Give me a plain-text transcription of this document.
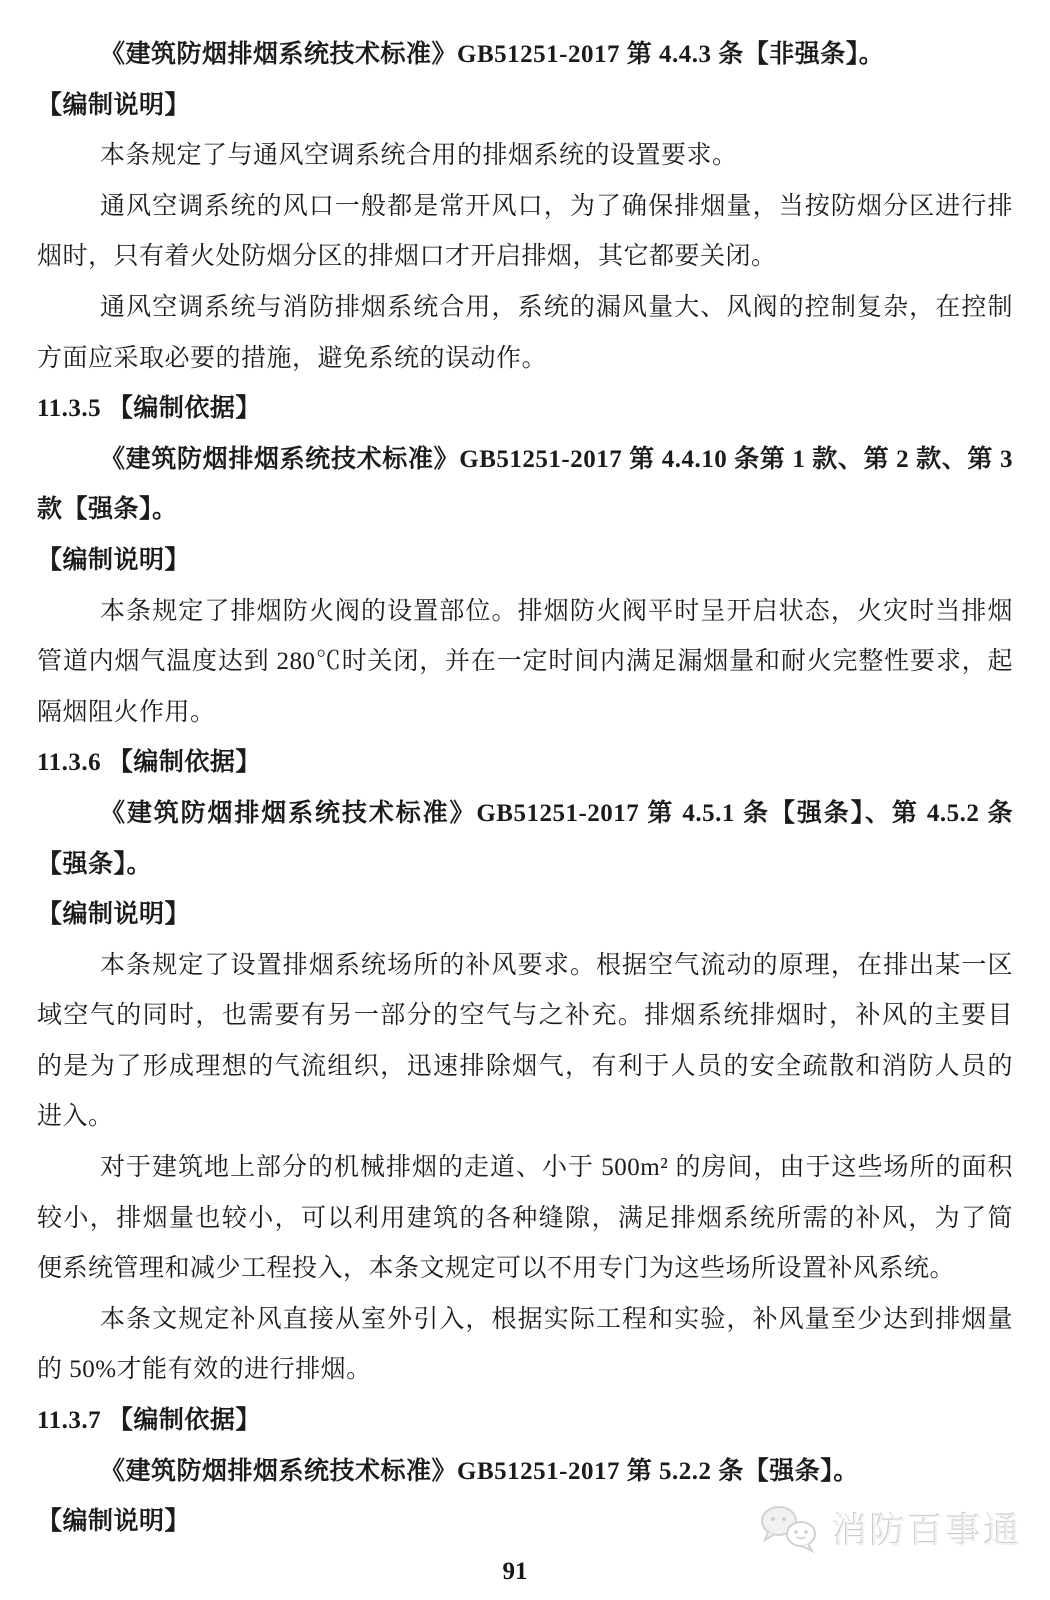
《建筑防烟排烟系统技术标准》GB51251-2017 第 4.4.3 条【非强条】。
【编制说明】
本条规定了与通风空调系统合用的排烟系统的设置要求。
通风空调系统的风口一般都是常开风口，为了确保排烟量，当按防烟分区进行排
烟时，只有着火处防烟分区的排烟口才开启排烟，其它都要关闭。
通风空调系统与消防排烟系统合用，系统的漏风量大、风阀的控制复杂，在控制
方面应采取必要的措施，避免系统的误动作。
11.3.5 【编制依据】
《建筑防烟排烟系统技术标准》GB51251-2017 第 4.4.10 条第 1 款、第 2 款、第 3
款【强条】。
【编制说明】
本条规定了排烟防火阀的设置部位。排烟防火阀平时呈开启状态，火灾时当排烟
管道内烟气温度达到 280℃时关闭，并在一定时间内满足漏烟量和耐火完整性要求，起
隔烟阻火作用。
11.3.6 【编制依据】
《建筑防烟排烟系统技术标准》GB51251-2017 第 4.5.1 条【强条】、第 4.5.2 条
【强条】。
【编制说明】
本条规定了设置排烟系统场所的补风要求。根据空气流动的原理，在排出某一区
域空气的同时，也需要有另一部分的空气与之补充。排烟系统排烟时，补风的主要目
的是为了形成理想的气流组织，迅速排除烟气，有利于人员的安全疏散和消防人员的
进入。
对于建筑地上部分的机械排烟的走道、小于 500m² 的房间，由于这些场所的面积
较小，排烟量也较小，可以利用建筑的各种缝隙，满足排烟系统所需的补风，为了简
便系统管理和减少工程投入，本条文规定可以不用专门为这些场所设置补风系统。
本条文规定补风直接从室外引入，根据实际工程和实验，补风量至少达到排烟量
的 50%才能有效的进行排烟。
11.3.7 【编制依据】
《建筑防烟排烟系统技术标准》GB51251-2017 第 5.2.2 条【强条】。
【编制说明】	消防百事通
91
